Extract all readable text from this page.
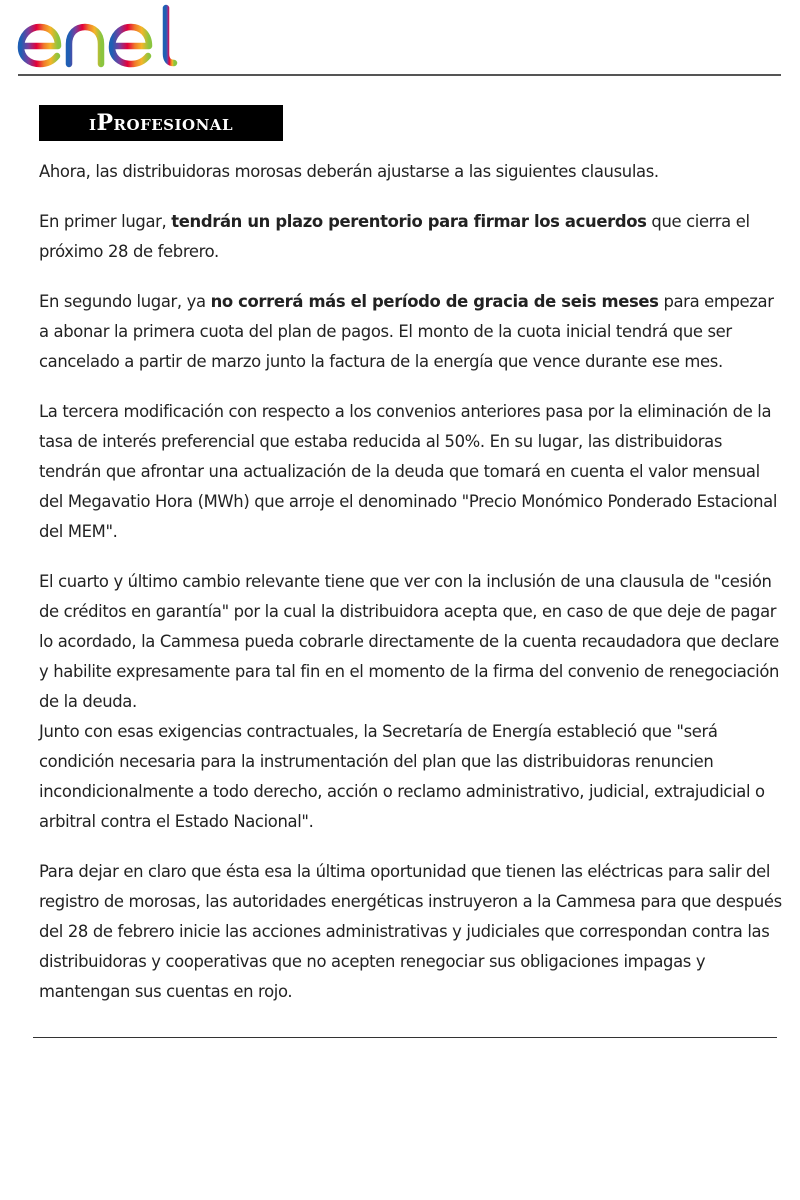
iProfesional

Ahora, las distribuidoras morosas deberán ajustarse a las siguientes clausulas.

En primer lugar, tendrán un plazo perentorio para firmar los acuerdos que cierra el próximo 28 de febrero.

En segundo lugar, ya no correrá más el período de gracia de seis meses para empezar a abonar la primera cuota del plan de pagos. El monto de la cuota inicial tendrá que ser cancelado a partir de marzo junto la factura de la energía que vence durante ese mes.

La tercera modificación con respecto a los convenios anteriores pasa por la eliminación de la tasa de interés preferencial que estaba reducida al 50%. En su lugar, las distribuidoras tendrán que afrontar una actualización de la deuda que tomará en cuenta el valor mensual del Megavatio Hora (MWh) que arroje el denominado "Precio Monómico Ponderado Estacional del MEM".

El cuarto y último cambio relevante tiene que ver con la inclusión de una clausula de "cesión de créditos en garantía" por la cual la distribuidora acepta que, en caso de que deje de pagar lo acordado, la Cammesa pueda cobrarle directamente de la cuenta recaudadora que declare y habilite expresamente para tal fin en el momento de la firma del convenio de renegociación de la deuda.

Junto con esas exigencias contractuales, la Secretaría de Energía estableció que "será condición necesaria para la instrumentación del plan que las distribuidoras renuncien incondicionalmente a todo derecho, acción o reclamo administrativo, judicial, extrajudicial o arbitral contra el Estado Nacional".

Para dejar en claro que ésta esa la última oportunidad que tienen las eléctricas para salir del registro de morosas, las autoridades energéticas instruyeron a la Cammesa para que después del 28 de febrero inicie las acciones administrativas y judiciales que correspondan contra las distribuidoras y cooperativas que no acepten renegociar sus obligaciones impagas y mantengan sus cuentas en rojo.
